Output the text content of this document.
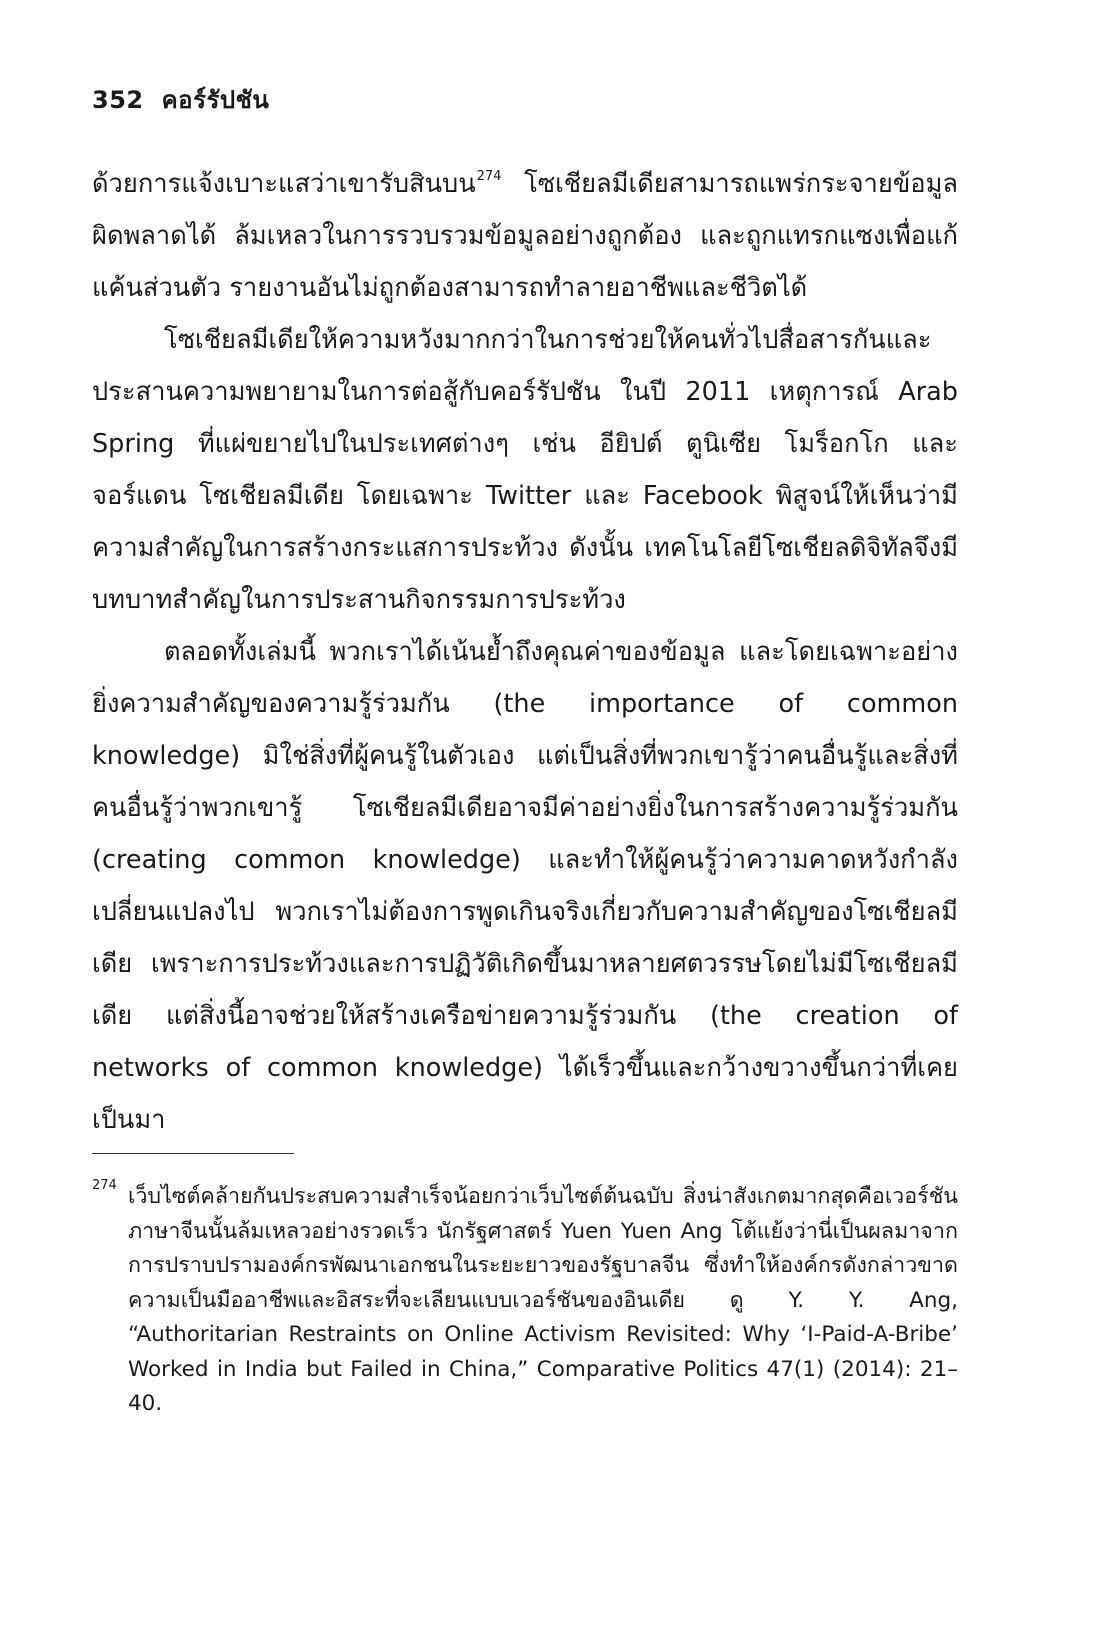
352 คอร์รัปชัน

ด้วยการแจ้งเบาะแสว่าเขารับสินบน$^{274}$ โซเชียลมีเดียสามารถแพร่กระจายข้อมูลผิดพลาดได้ ล้มเหลวในการรวบรวมข้อมูลอย่างถูกต้อง และถูกแทรกแซงเพื่อแก้แค้นส่วนตัว รายงานอันไม่ถูกต้องสามารถทำลายอาชีพและชีวิตได้

โซเชียลมีเดียให้ความหวังมากกว่าในการช่วยให้คนทั่วไปสื่อสารกันและประสานความพยายามในการต่อสู้กับคอร์รัปชัน ในปี 2011 เหตุการณ์ Arab Spring ที่แผ่ขยายไปในประเทศต่างๆ เช่น อียิปต์ ตูนิเซีย โมร็อกโก และจอร์แดน โซเชียลมีเดีย โดยเฉพาะ Twitter และ Facebook พิสูจน์ให้เห็นว่ามีความสำคัญในการสร้างกระแสการประท้วง ดังนั้น เทคโนโลยีโซเชียลดิจิทัลจึงมีบทบาทสำคัญในการประสานกิจกรรมการประท้วง

ตลอดทั้งเล่มนี้ พวกเราได้เน้นย้ำถึงคุณค่าของข้อมูล และโดยเฉพาะอย่างยิ่งความสำคัญของความรู้ร่วมกัน (the importance of common knowledge) มิใช่สิ่งที่ผู้คนรู้ในตัวเอง แต่เป็นสิ่งที่พวกเขารู้ว่าคนอื่นรู้และสิ่งที่คนอื่นรู้ว่าพวกเขารู้ โซเชียลมีเดียอาจมีค่าอย่างยิ่งในการสร้างความรู้ร่วมกัน (creating common knowledge) และทำให้ผู้คนรู้ว่าความคาดหวังกำลังเปลี่ยนแปลงไป พวกเราไม่ต้องการพูดเกินจริงเกี่ยวกับความสำคัญของโซเชียลมีเดีย เพราะการประท้วงและการปฏิวัติเกิดขึ้นมาหลายศตวรรษโดยไม่มีโซเชียลมีเดีย แต่สิ่งนี้อาจช่วยให้สร้างเครือข่ายความรู้ร่วมกัน (the creation of networks of common knowledge) ได้เร็วขึ้นและกว้างขวางขึ้นกว่าที่เคยเป็นมา

274 เว็บไซต์คล้ายกันประสบความสำเร็จน้อยกว่าเว็บไซต์ต้นฉบับ สิ่งน่าสังเกตมากสุดคือเวอร์ชันภาษาจีนนั้นล้มเหลวอย่างรวดเร็ว นักรัฐศาสตร์ Yuen Yuen Ang โต้แย้งว่านี่เป็นผลมาจากการปราบปรามองค์กรพัฒนาเอกชนในระยะยาวของรัฐบาลจีน ซึ่งทำให้องค์กรดังกล่าวขาดความเป็นมืออาชีพและอิสระที่จะเลียนแบบเวอร์ชันของอินเดีย ดู Y. Y. Ang, “Authoritarian Restraints on Online Activism Revisited: Why ‘I-Paid-A-Bribe’ Worked in India but Failed in China,” Comparative Politics 47(1) (2014): 21–40.
